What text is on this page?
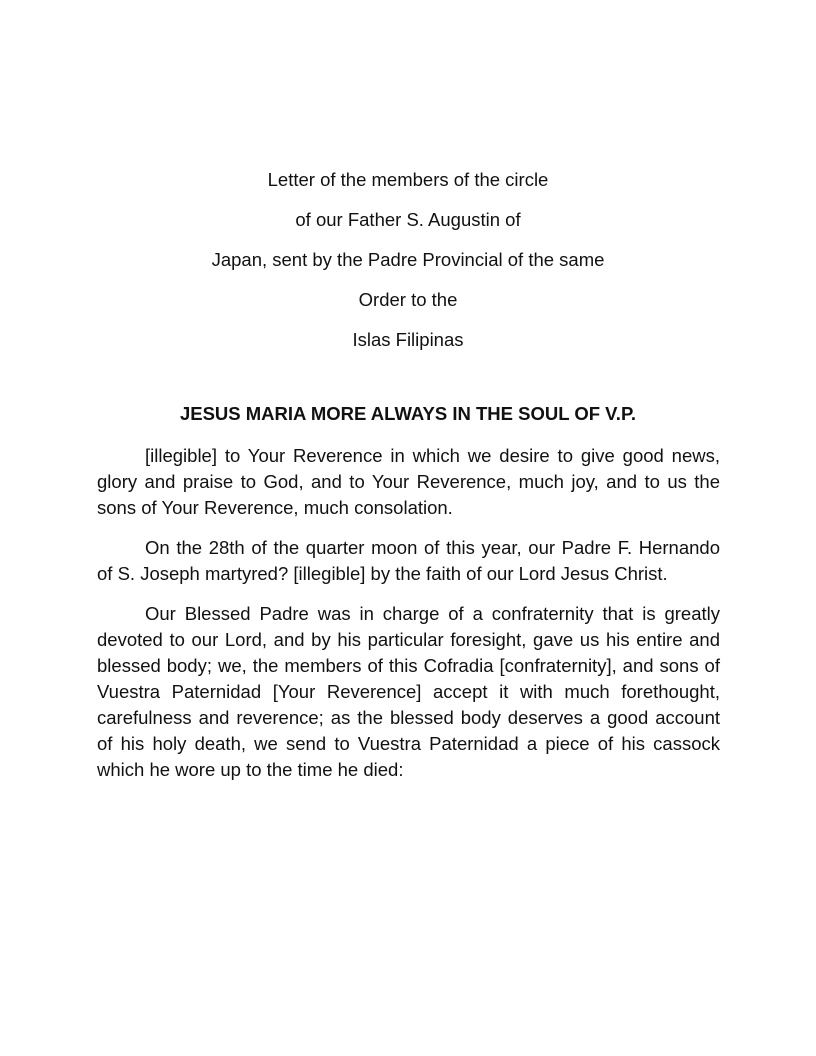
Letter of the members of the circle
of our Father S. Augustin of
Japan, sent by the Padre Provincial of the same
Order to the
Islas Filipinas
JESUS MARIA MORE ALWAYS IN THE SOUL OF V.P.

[illegible] to Your Reverence in which we desire to give good news, glory and praise to God, and to Your Reverence, much joy, and to us the sons of Your Reverence, much consolation.

On the 28th of the quarter moon of this year, our Padre F. Hernando of S. Joseph martyred? [illegible] by the faith of our Lord Jesus Christ.

Our Blessed Padre was in charge of a confraternity that is greatly devoted to our Lord, and by his particular foresight, gave us his entire and blessed body; we, the members of this Cofradia [confraternity], and sons of Vuestra Paternidad [Your Reverence] accept it with much forethought, carefulness and reverence; as the blessed body deserves a good account of his holy death, we send to Vuestra Paternidad a piece of his cassock which he wore up to the time he died:
